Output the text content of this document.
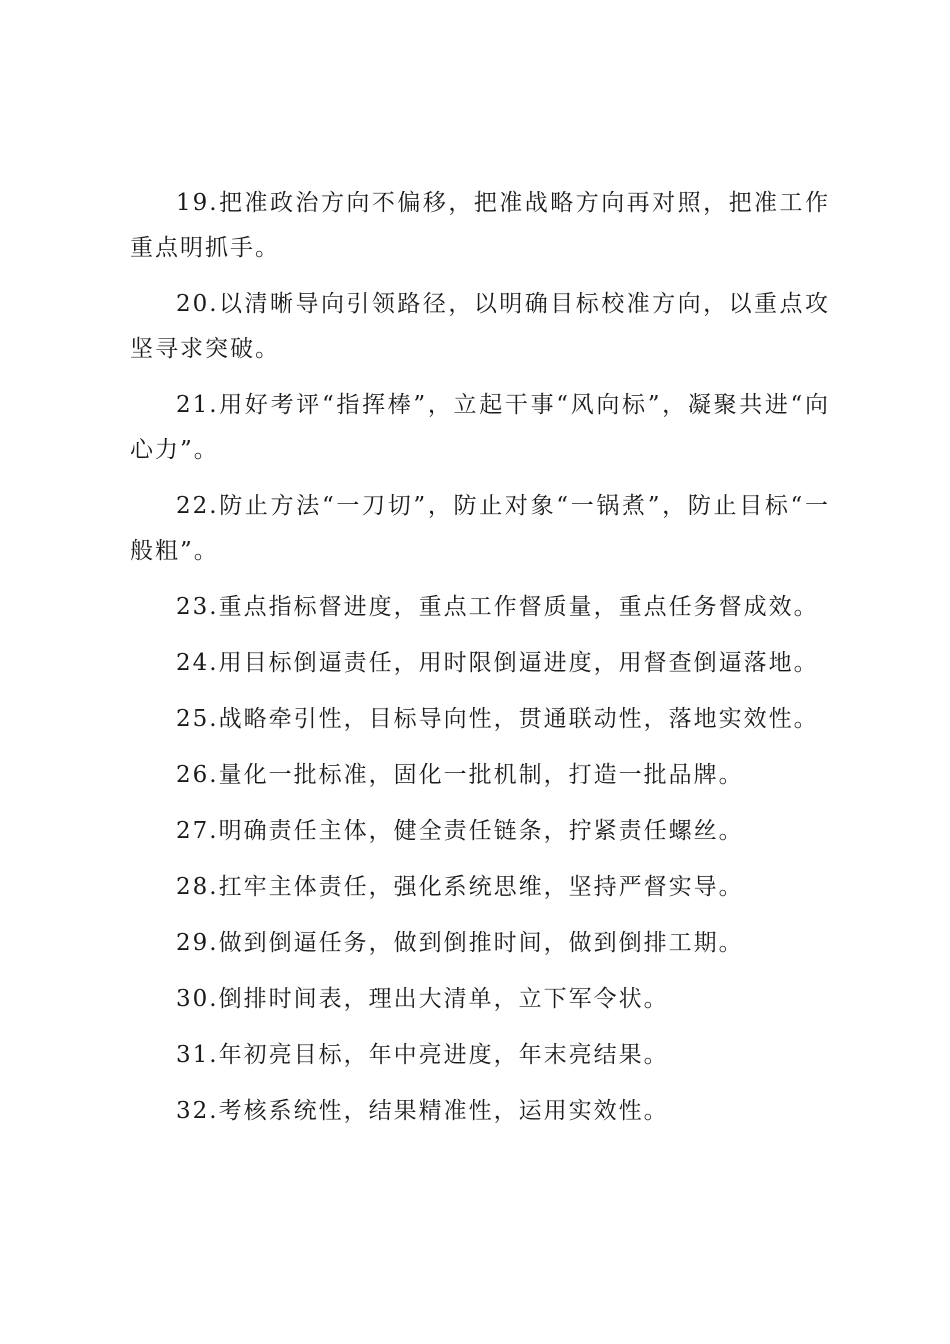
19.把准政治方向不偏移，把准战略方向再对照，把准工作重点明抓手。

20.以清晰导向引领路径，以明确目标校准方向，以重点攻坚寻求突破。

21.用好考评“指挥棒”，立起干事“风向标”，凝聚共进“向心力”。

22.防止方法“一刀切”，防止对象“一锅煮”，防止目标“一般粗”。

23.重点指标督进度，重点工作督质量，重点任务督成效。

24.用目标倒逼责任，用时限倒逼进度，用督查倒逼落地。

25.战略牵引性，目标导向性，贯通联动性，落地实效性。

26.量化一批标准，固化一批机制，打造一批品牌。

27.明确责任主体，健全责任链条，拧紧责任螺丝。

28.扛牢主体责任，强化系统思维，坚持严督实导。

29.做到倒逼任务，做到倒推时间，做到倒排工期。

30.倒排时间表，理出大清单，立下军令状。

31.年初亮目标，年中亮进度，年末亮结果。

32.考核系统性，结果精准性，运用实效性。
